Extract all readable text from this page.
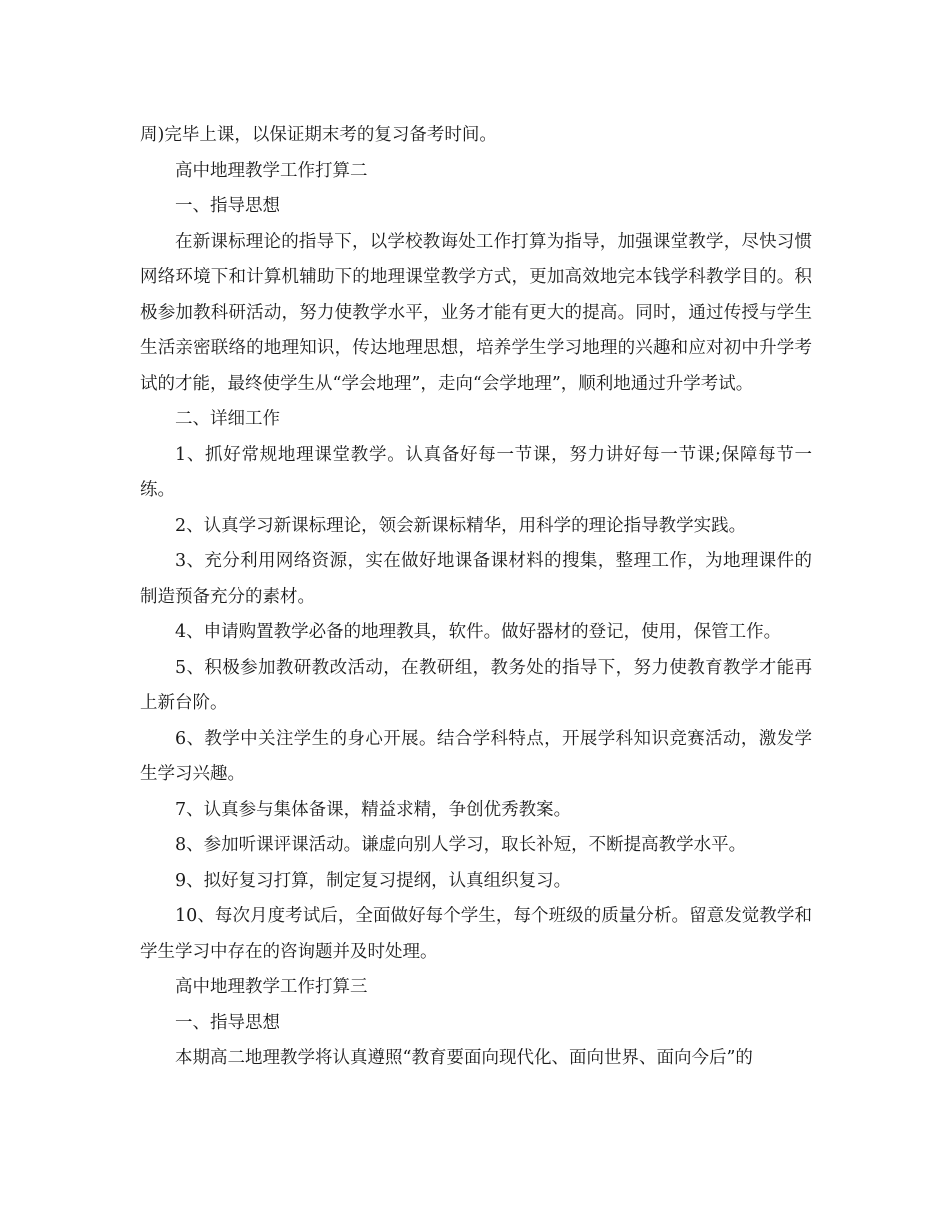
周)完毕上课，以保证期末考的复习备考时间。

高中地理教学工作打算二

一、指导思想

在新课标理论的指导下，以学校教诲处工作打算为指导，加强课堂教学，尽快习惯网络环境下和计算机辅助下的地理课堂教学方式，更加高效地完本钱学科教学目的。积极参加教科研活动，努力使教学水平，业务才能有更大的提高。同时，通过传授与学生生活亲密联络的地理知识，传达地理思想，培养学生学习地理的兴趣和应对初中升学考试的才能，最终使学生从“学会地理”，走向“会学地理”，顺利地通过升学考试。

二、详细工作

1、抓好常规地理课堂教学。认真备好每一节课，努力讲好每一节课;保障每节一练。

2、认真学习新课标理论，领会新课标精华，用科学的理论指导教学实践。

3、充分利用网络资源，实在做好地课备课材料的搜集，整理工作，为地理课件的制造预备充分的素材。

4、申请购置教学必备的地理教具，软件。做好器材的登记，使用，保管工作。

5、积极参加教研教改活动，在教研组，教务处的指导下，努力使教育教学才能再上新台阶。

6、教学中关注学生的身心开展。结合学科特点，开展学科知识竞赛活动，激发学生学习兴趣。

7、认真参与集体备课，精益求精，争创优秀教案。

8、参加听课评课活动。谦虚向别人学习，取长补短，不断提高教学水平。

9、拟好复习打算，制定复习提纲，认真组织复习。

10、每次月度考试后，全面做好每个学生，每个班级的质量分析。留意发觉教学和学生学习中存在的咨询题并及时处理。

高中地理教学工作打算三

一、指导思想

本期高二地理教学将认真遵照“教育要面向现代化、面向世界、面向今后”的
